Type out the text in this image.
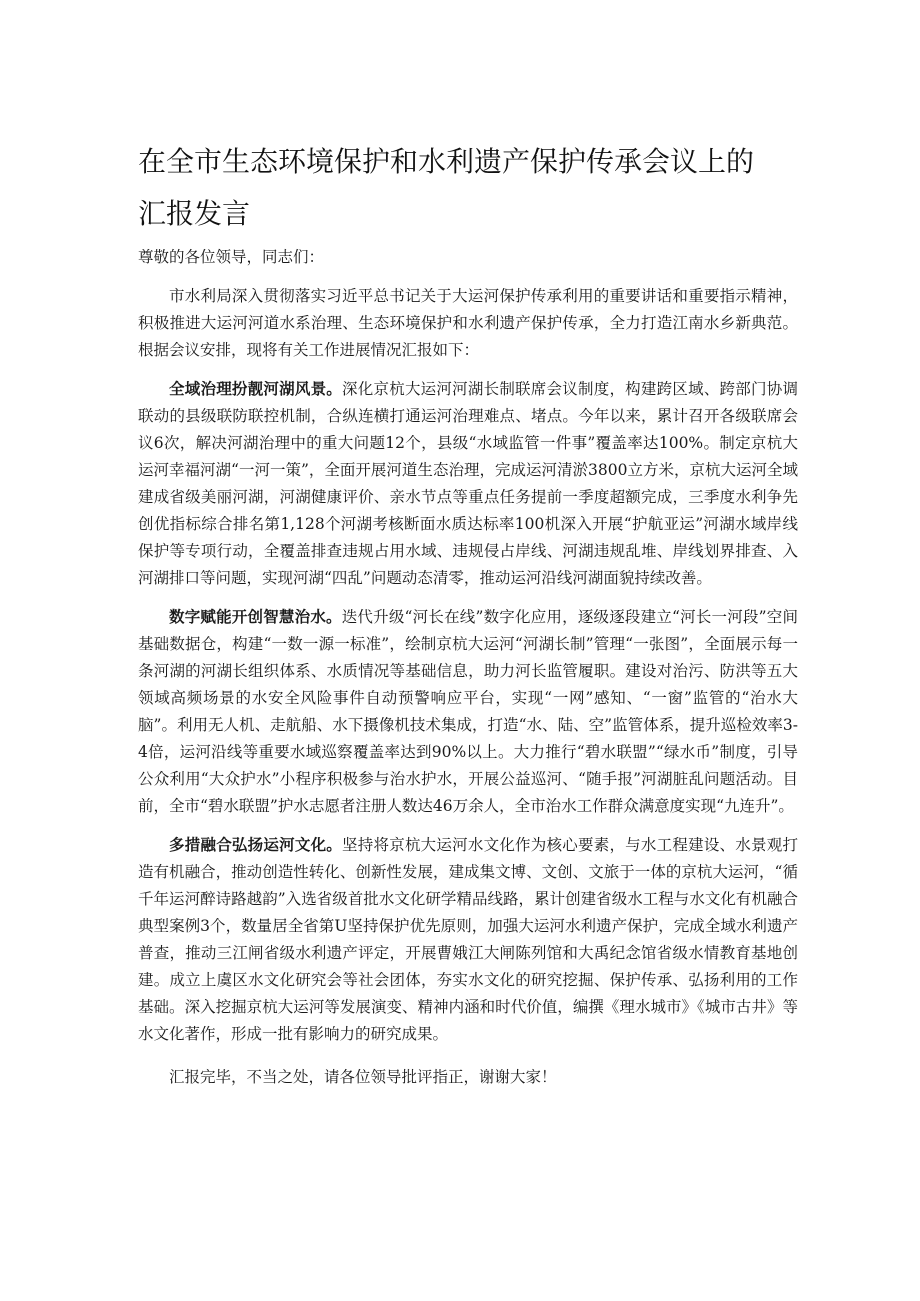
在全市生态环境保护和水利遗产保护传承会议上的
汇报发言

尊敬的各位领导，同志们：

市水利局深入贯彻落实习近平总书记关于大运河保护传承利用的重要讲话和重要指示精神，积极推进大运河河道水系治理、生态环境保护和水利遗产保护传承，全力打造江南水乡新典范。根据会议安排，现将有关工作进展情况汇报如下：

全域治理扮靓河湖风景。深化京杭大运河河湖长制联席会议制度，构建跨区域、跨部门协调联动的县级联防联控机制，合纵连横打通运河治理难点、堵点。今年以来，累计召开各级联席会议6次，解决河湖治理中的重大问题12个，县级“水域监管一件事”覆盖率达100%。制定京杭大运河幸福河湖“一河一策”，全面开展河道生态治理，完成运河清淤3800立方米，京杭大运河全域建成省级美丽河湖，河湖健康评价、亲水节点等重点任务提前一季度超额完成，三季度水利争先创优指标综合排名第1,128个河湖考核断面水质达标率100机深入开展“护航亚运”河湖水域岸线保护等专项行动，全覆盖排查违规占用水域、违规侵占岸线、河湖违规乱堆、岸线划界排查、入河湖排口等问题，实现河湖“四乱”问题动态清零，推动运河沿线河湖面貌持续改善。

数字赋能开创智慧治水。迭代升级“河长在线”数字化应用，逐级逐段建立“河长一河段”空间基础数据仓，构建“一数一源一标准”，绘制京杭大运河“河湖长制”管理“一张图”，全面展示每一条河湖的河湖长组织体系、水质情况等基础信息，助力河长监管履职。建设对治污、防洪等五大领域高频场景的水安全风险事件自动预警响应平台，实现“一网”感知、“一窗”监管的“治水大脑”。利用无人机、走航船、水下摄像机技术集成，打造“水、陆、空”监管体系，提升巡检效率3-4倍，运河沿线等重要水域巡察覆盖率达到90%以上。大力推行“碧水联盟”“绿水币”制度，引导公众利用“大众护水”小程序积极参与治水护水，开展公益巡河、“随手报”河湖脏乱问题活动。目前，全市“碧水联盟”护水志愿者注册人数达46万余人，全市治水工作群众满意度实现“九连升”。

多措融合弘扬运河文化。坚持将京杭大运河水文化作为核心要素，与水工程建设、水景观打造有机融合，推动创造性转化、创新性发展，建成集文博、文创、文旅于一体的京杭大运河，“循千年运河醉诗路越韵”入选省级首批水文化研学精品线路，累计创建省级水工程与水文化有机融合典型案例3个，数量居全省第U坚持保护优先原则，加强大运河水利遗产保护，完成全域水利遗产普查，推动三江闸省级水利遗产评定，开展曹娥江大闸陈列馆和大禹纪念馆省级水情教育基地创建。成立上虞区水文化研究会等社会团体，夯实水文化的研究挖掘、保护传承、弘扬利用的工作基础。深入挖掘京杭大运河等发展演变、精神内涵和时代价值，编撰《理水城市》《城市古井》等水文化著作，形成一批有影响力的研究成果。

汇报完毕，不当之处，请各位领导批评指正，谢谢大家！
